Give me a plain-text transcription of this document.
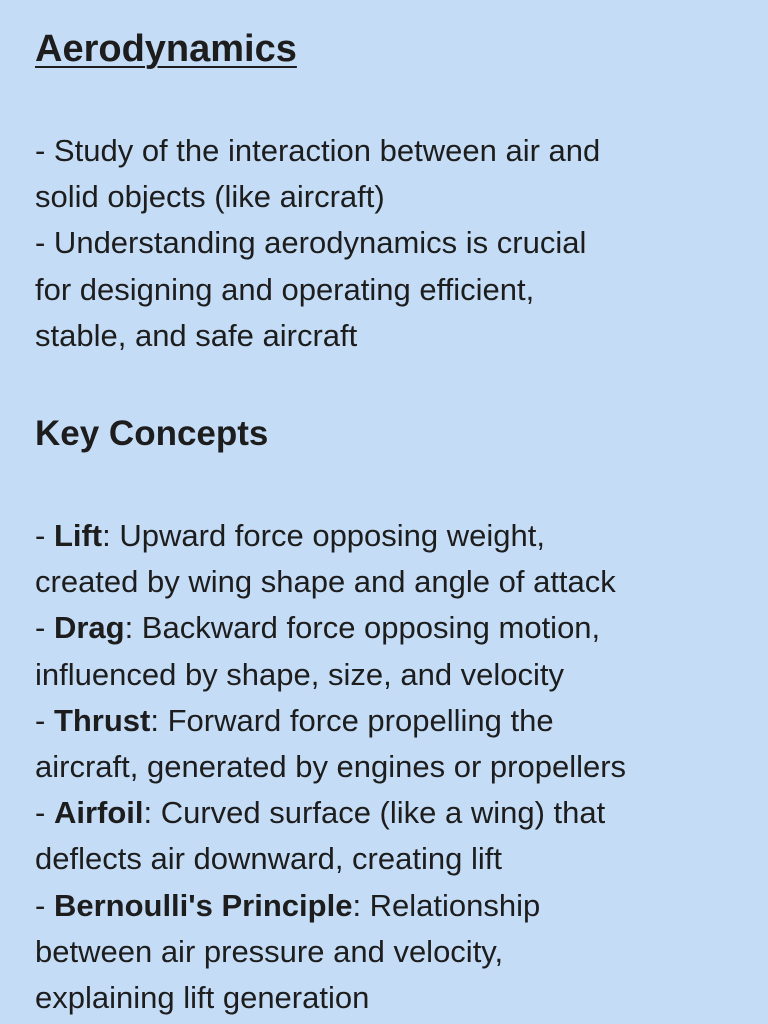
Aerodynamics
- Study of the interaction between air and
solid objects (like aircraft)
- Understanding aerodynamics is crucial
for designing and operating efficient,
stable, and safe aircraft
Key Concepts
- Lift: Upward force opposing weight,
created by wing shape and angle of attack
- Drag: Backward force opposing motion,
influenced by shape, size, and velocity
- Thrust: Forward force propelling the
aircraft, generated by engines or propellers
- Airfoil: Curved surface (like a wing) that
deflects air downward, creating lift
- Bernoulli's Principle: Relationship
between air pressure and velocity,
explaining lift generation
